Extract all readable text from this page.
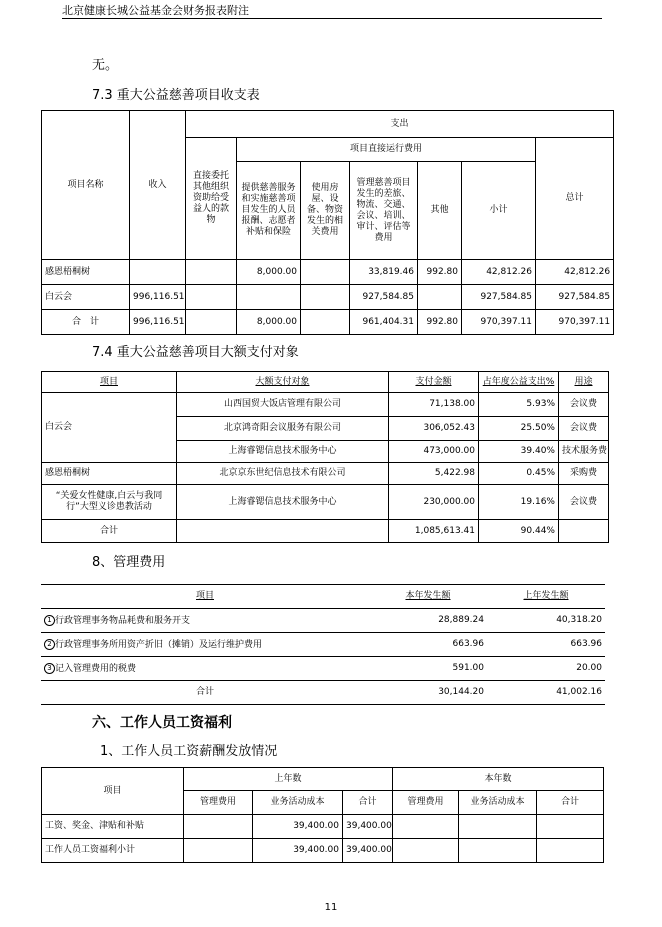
北京健康长城公益基金会财务报表附注
无。
7.3 重大公益慈善项目收支表
项目名称	收入	支出						
		直接委托其他组织资助给受益人的款物	项目直接运行费用					总计
			提供慈善服务和实施慈善项目发生的人员报酬、志愿者补贴和保险	使用房屋、设备、物资发生的相关费用	管理慈善项目发生的差旅、物流、交通、会议、培训、审计、评估等费用	其他	小计	
感恩梧桐树			8,000.00		33,819.46	992.80	42,812.26	42,812.26
白云会	996,116.51				927,584.85		927,584.85	927,584.85
合　计	996,116.51		8,000.00		961,404.31	992.80	970,397.11	970,397.11
7.4 重大公益慈善项目大额支付对象
项目	大额支付对象	支付金额	占年度公益支出%	用途
白云会	山西国贸大饭店管理有限公司	71,138.00	5.93%	会议费
	北京鸿奇阳会议服务有限公司	306,052.43	25.50%	会议费
	上海睿锶信息技术服务中心	473,000.00	39.40%	技术服务费
感恩梧桐树	北京京东世纪信息技术有限公司	5,422.98	0.45%	采购费
“关爱女性健康,白云与我同行”大型义诊患教活动	上海睿锶信息技术服务中心	230,000.00	19.16%	会议费
合计		1,085,613.41	90.44%	
8、管理费用
项目	本年发生额	上年发生额
1 行政管理事务物品耗费和服务开支	28,889.24	40,318.20
2 行政管理事务所用资产折旧（摊销）及运行维护费用	663.96	663.96
3 记入管理费用的税费	591.00	20.00
合计	30,144.20	41,002.16
六、工作人员工资福利
1、工作人员工资薪酬发放情况
项目	上年数			本年数		
	管理费用	业务活动成本	合计	管理费用	业务活动成本	合计
工资、奖金、津贴和补贴		39,400.00	39,400.00			
工作人员工资福利小计		39,400.00	39,400.00			
11
